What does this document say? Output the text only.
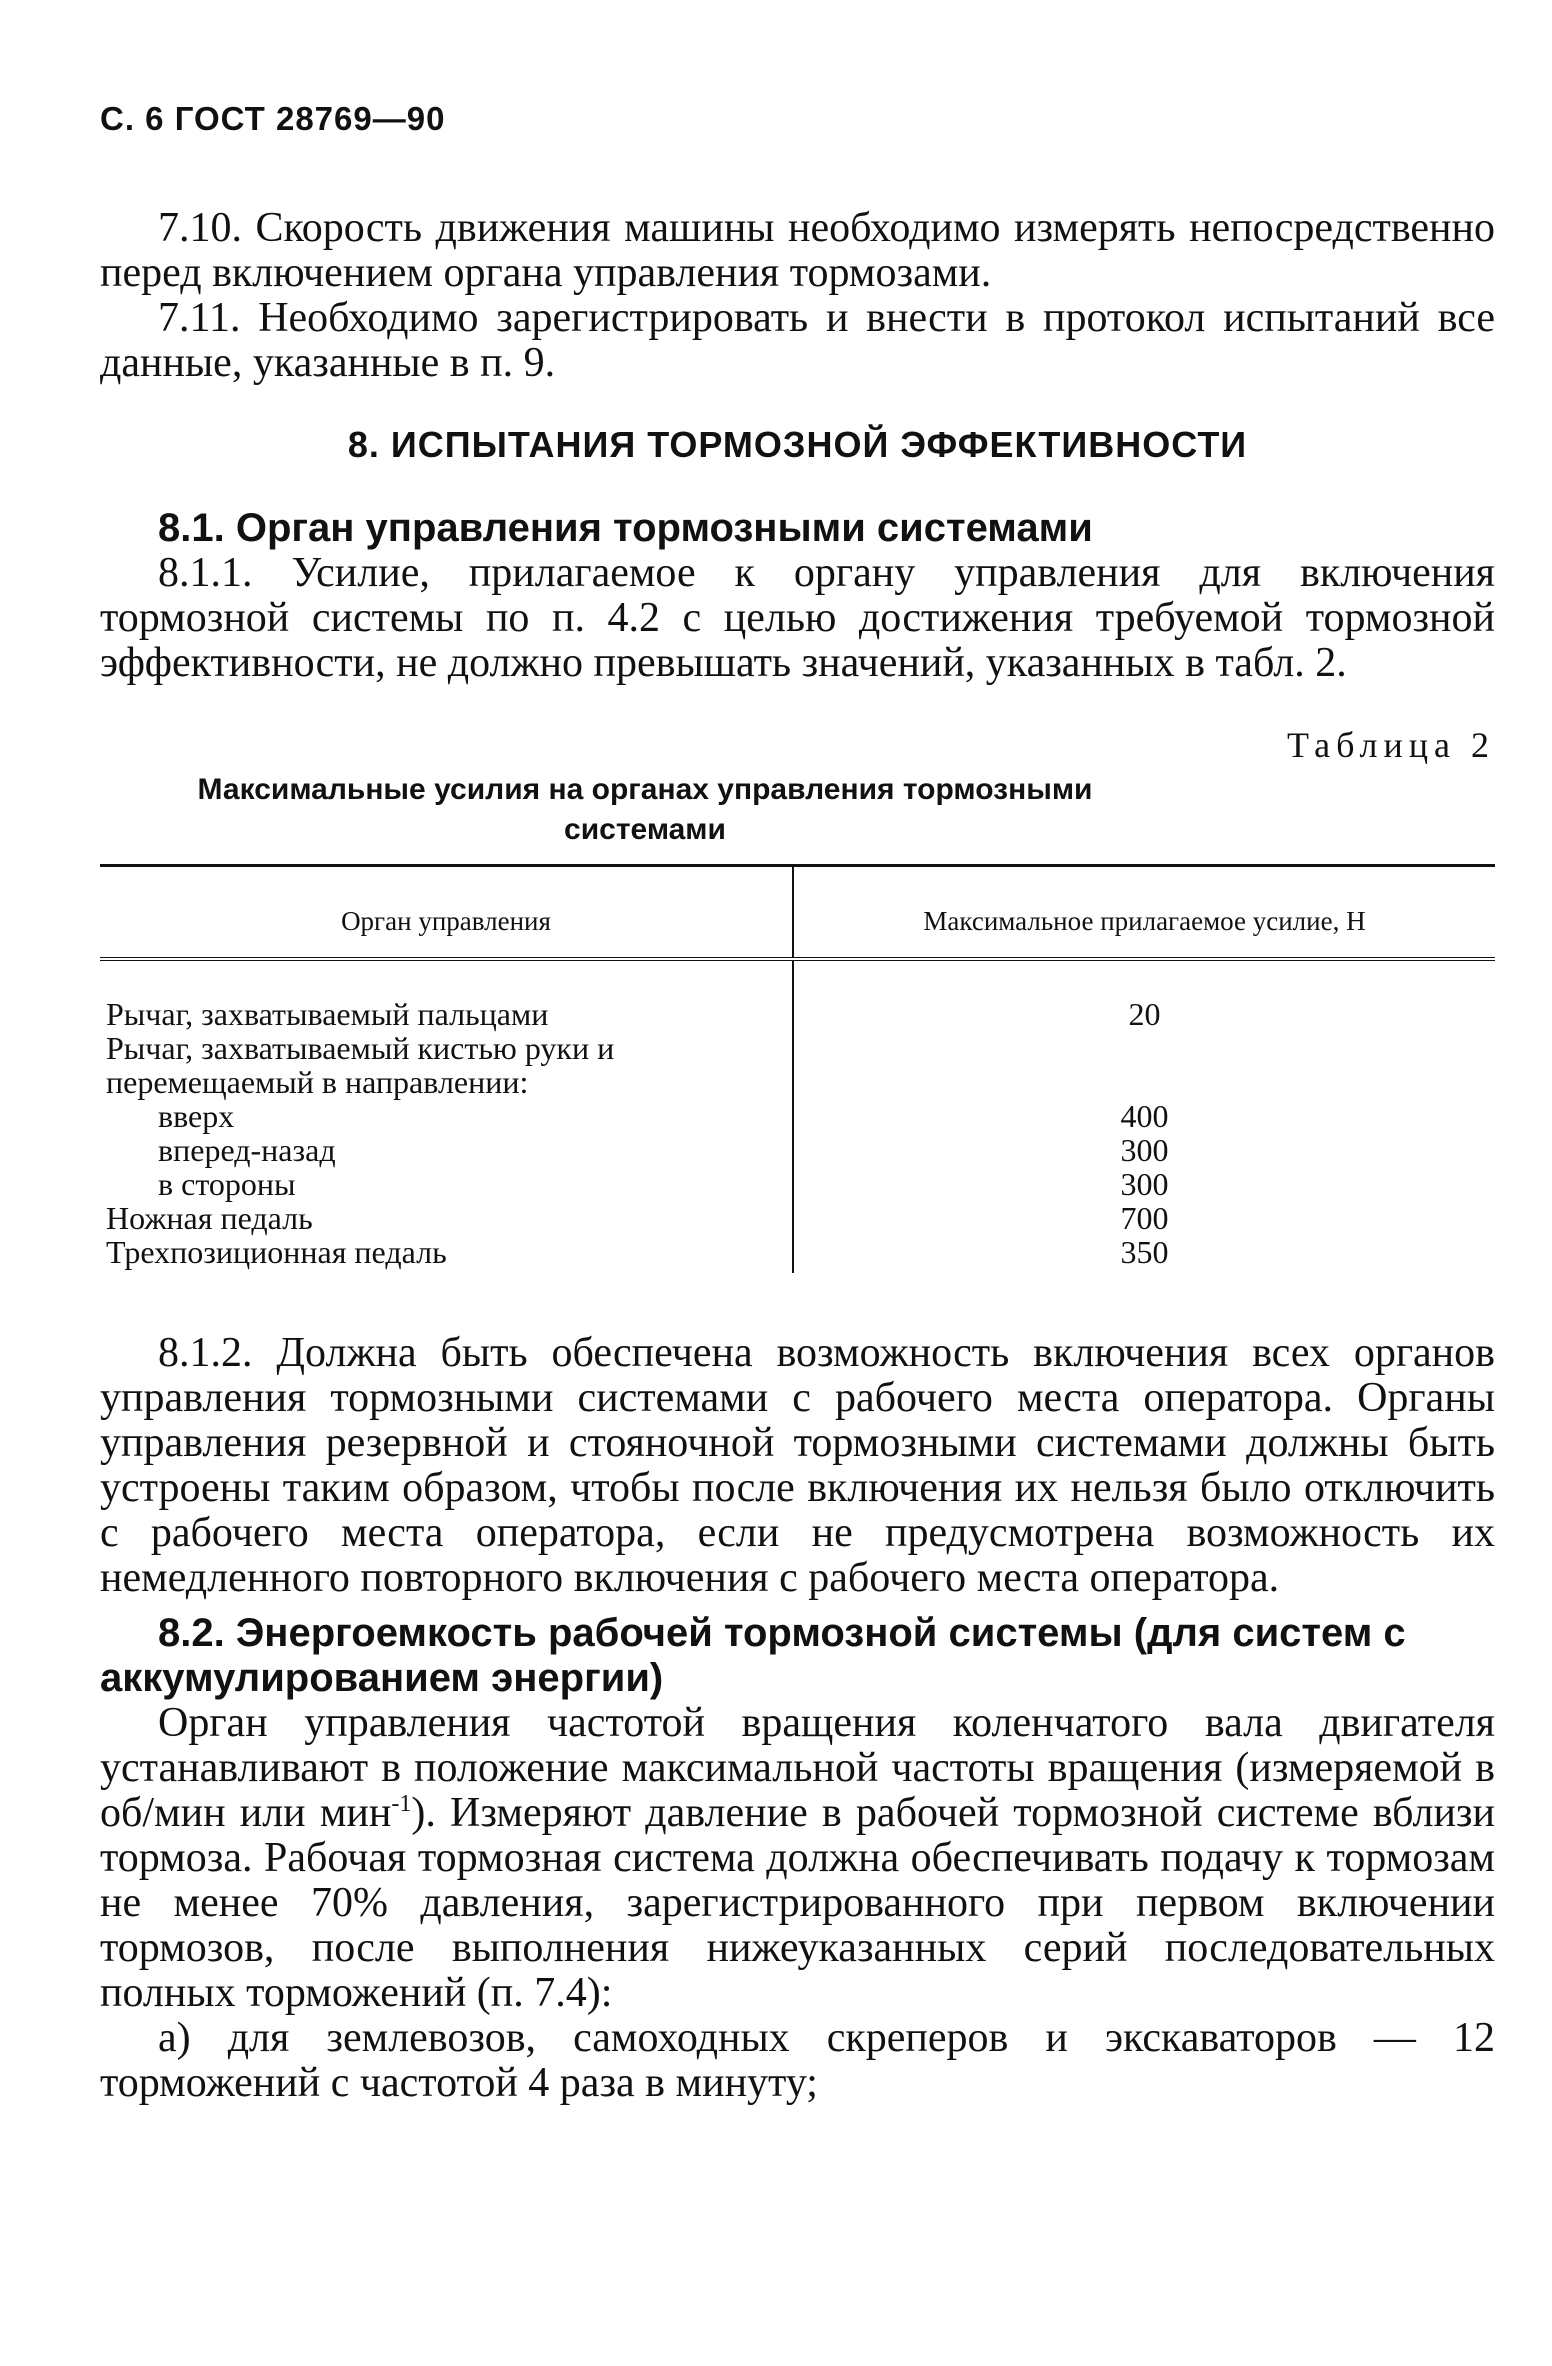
С. 6 ГОСТ 28769—90

7.10. Скорость движения машины необходимо измерять непосредственно перед включением органа управления тормозами.

7.11. Необходимо зарегистрировать и внести в протокол испытаний все данные, указанные в п. 9.

8. ИСПЫТАНИЯ ТОРМОЗНОЙ ЭФФЕКТИВНОСТИ
8.1. Орган управления тормозными системами

8.1.1. Усилие, прилагаемое к органу управления для включения тормозной системы по п. 4.2 с целью достижения требуемой тормозной эффективности, не должно превышать значений, указанных в табл. 2.

Таблица 2
Максимальные усилия на органах управления тормозными системами
Орган управления	Максимальное прилагаемое усилие, Н
Рычаг, захватываемый пальцами	20
Рычаг, захватываемый кистью руки и перемещаемый в направлении:	
вверх	400
вперед-назад	300
в стороны	300
Ножная педаль	700
Трехпозиционная педаль	350

8.1.2. Должна быть обеспечена возможность включения всех органов управления тормозными системами с рабочего места оператора. Органы управления резервной и стояночной тормозными системами должны быть устроены таким образом, чтобы после включения их нельзя было отключить с рабочего места оператора, если не предусмотрена возможность их немедленного повторного включения с рабочего места оператора.

8.2. Энергоемкость рабочей тормозной системы (для систем с аккумулированием энергии)

Орган управления частотой вращения коленчатого вала двигателя устанавливают в положение максимальной частоты вращения (измеряемой в об/мин или мин$^{-1}$). Измеряют давление в рабочей тормозной системе вблизи тормоза. Рабочая тормозная система должна обеспечивать подачу к тормозам не менее 70% давления, зарегистрированного при первом включении тормозов, после выполнения нижеуказанных серий последовательных полных торможений (п. 7.4):

а) для землевозов, самоходных скреперов и экскаваторов — 12 торможений с частотой 4 раза в минуту;
